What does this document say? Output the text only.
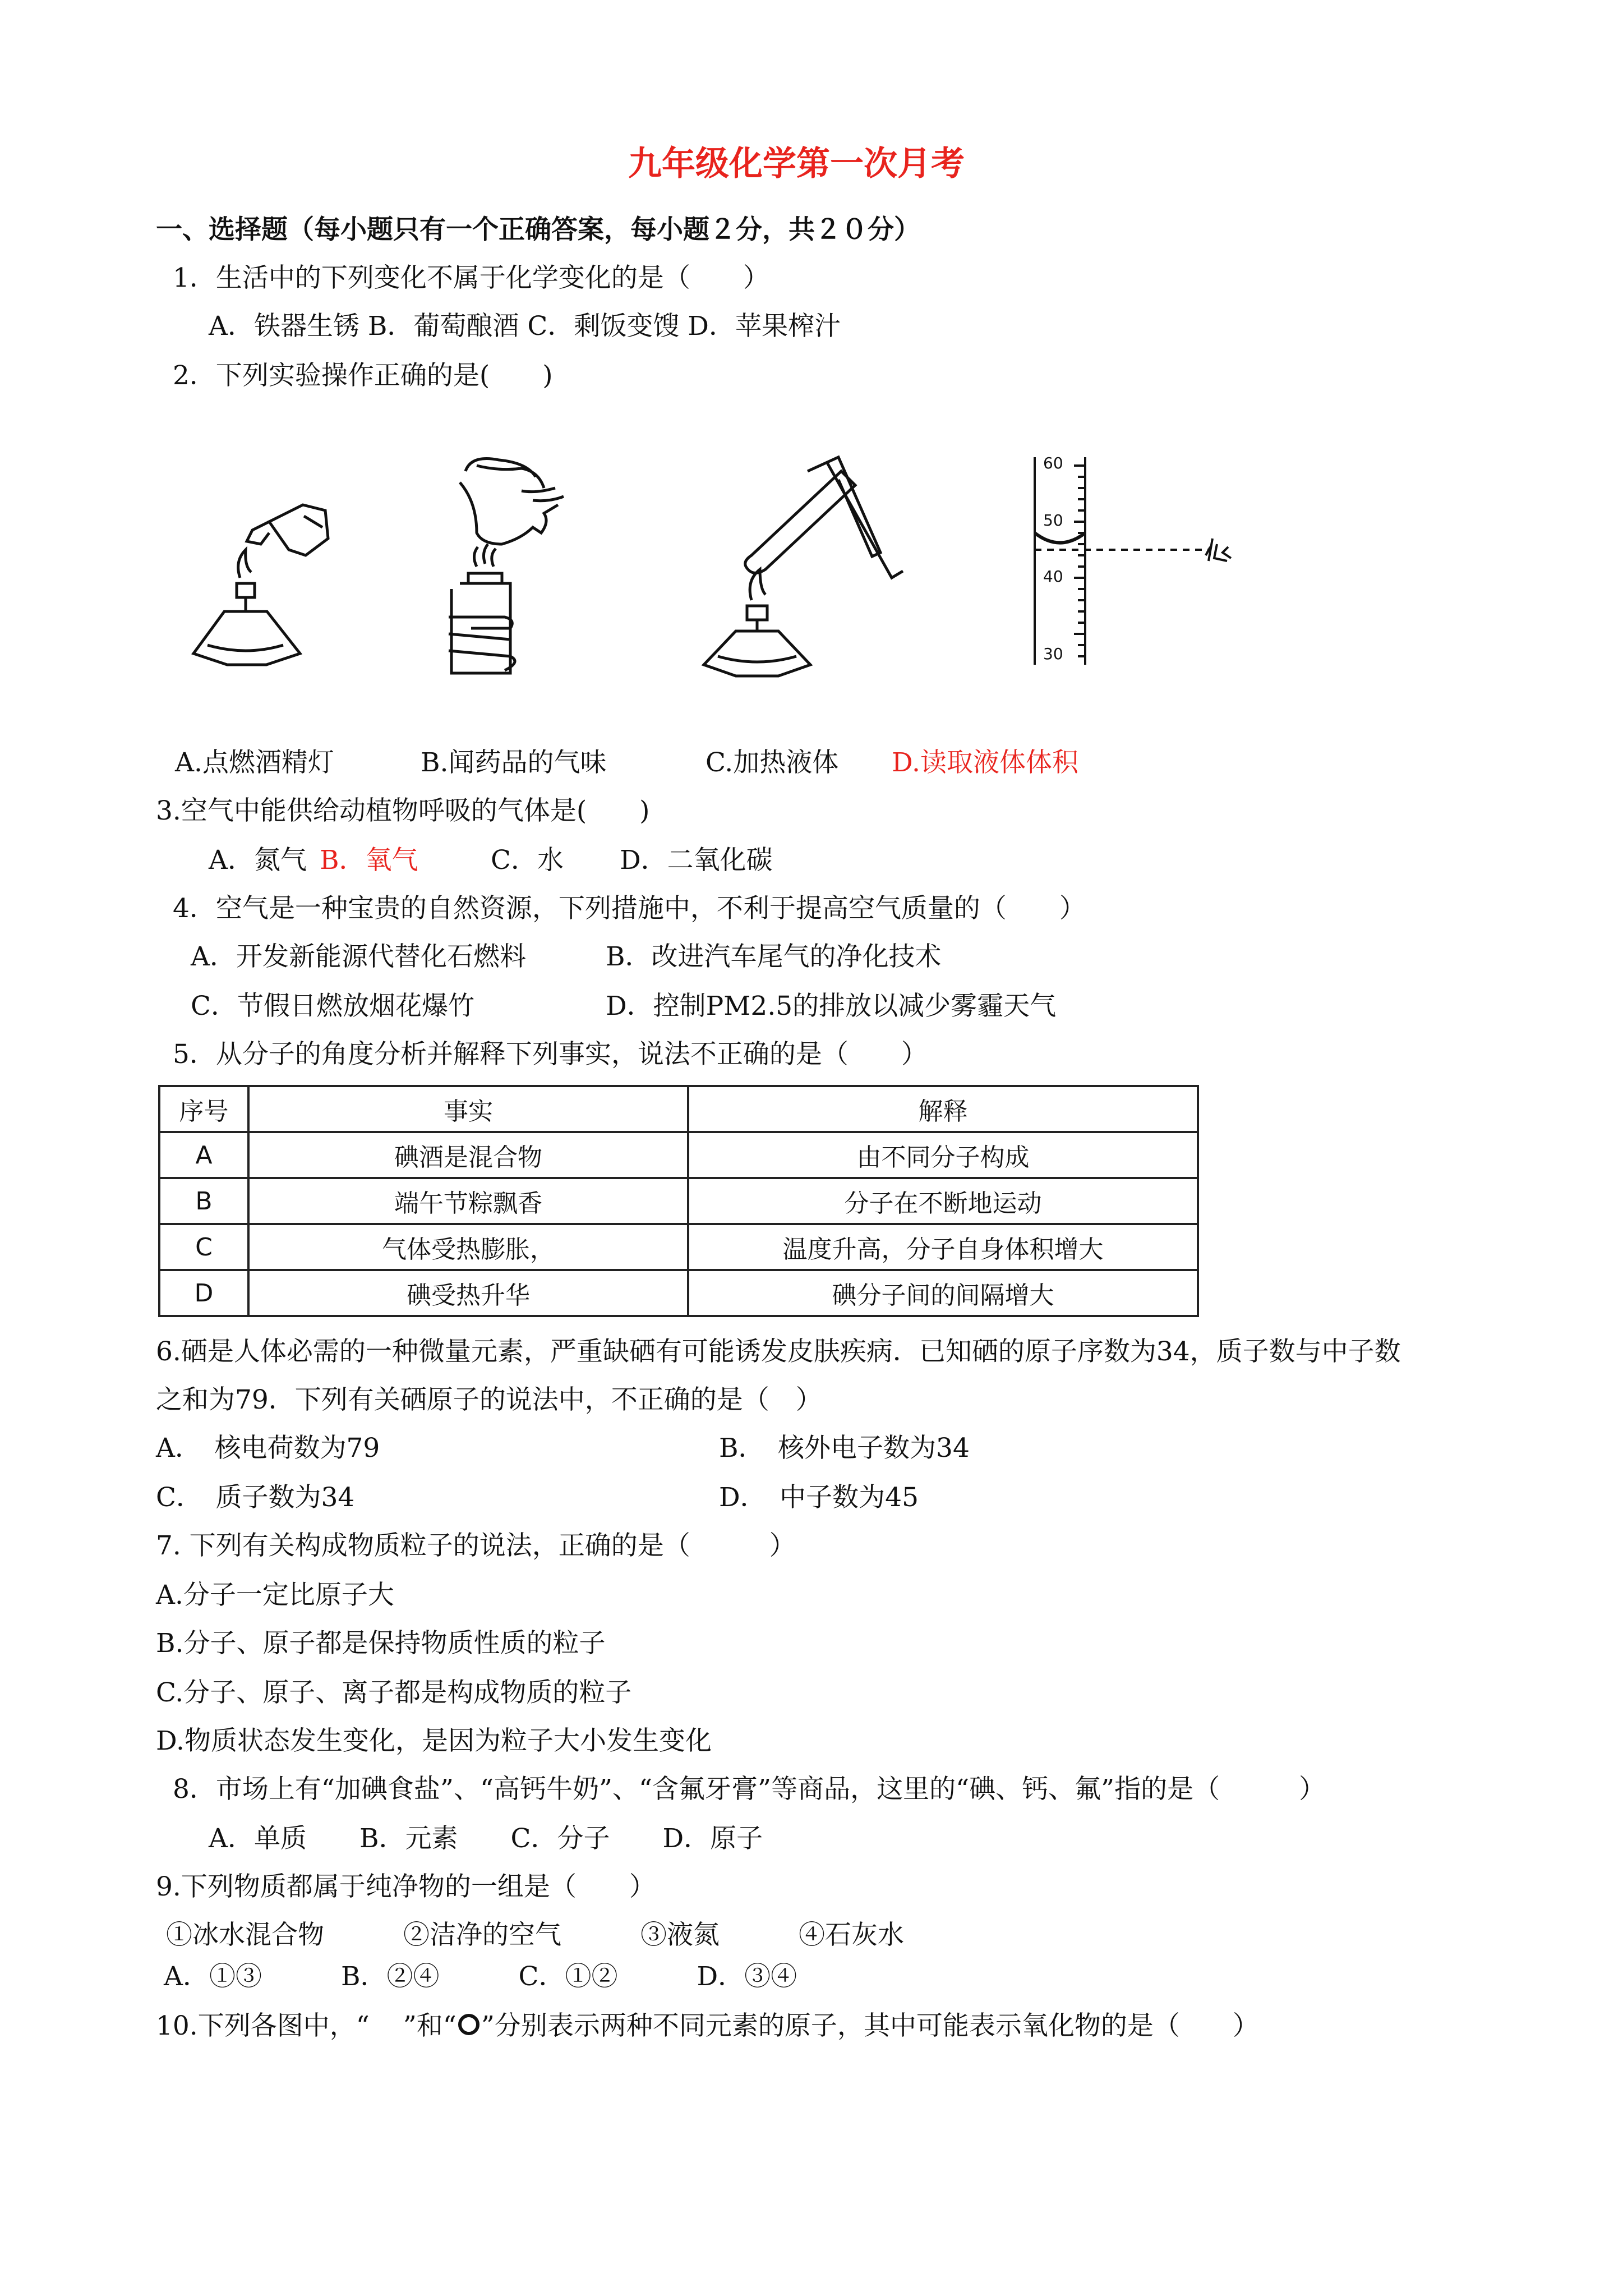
九年级化学第一次月考
一、选择题（每小题只有一个正确答案，每小题２分，共２０分）
1．生活中的下列变化不属于化学变化的是（　　）
A．铁器生锈 B．葡萄酿酒 C．剩饭变馊 D．苹果榨汁
2．下列实验操作正确的是(　　)
60
50
40
30
A.点燃酒精灯	B.闻药品的气味	C.加热液体 D.读取液体体积
3.空气中能供给动植物呼吸的气体是(　　)
A．氮气 B．氧气	C．水 D．二氧化碳
4．空气是一种宝贵的自然资源，下列措施中，不利于提高空气质量的（　　）
A．开发新能源代替化石燃料	B．改进汽车尾气的净化技术
C．节假日燃放烟花爆竹	D．控制PM2.5的排放以减少雾霾天气
5．从分子的角度分析并解释下列事实，说法不正确的是（　　）
序号	事实	解释
A	碘酒是混合物	由不同分子构成
B	端午节粽飘香	分子在不断地运动
C	气体受热膨胀，	温度升高，分子自身体积增大
D	碘受热升华	碘分子间的间隔增大
6.硒是人体必需的一种微量元素，严重缺硒有可能诱发皮肤疾病．已知硒的原子序数为34，质子数与中子数
之和为79．下列有关硒原子的说法中，不正确的是（　）
A．　核电荷数为79	B．　核外电子数为34
C．　质子数为34	D．　中子数为45
7. 下列有关构成物质粒子的说法，正确的是（　　　）
A.分子一定比原子大
B.分子、原子都是保持物质性质的粒子
C.分子、原子、离子都是构成物质的粒子
D.物质状态发生变化，是因为粒子大小发生变化
8．市场上有“加碘食盐”、“高钙牛奶”、“含氟牙膏”等商品，这里的“碘、钙、氟”指的是（　　　）
A．单质　　B．元素　　C．分子　　D．原子
9.下列物质都属于纯净物的一组是（　　）
①冰水混合物　　　②洁净的空气　　　③液氮　　　④石灰水
A．①③　　　B．②④　　　C．①②　　　D．③④
10.下列各图中，“ ”和“ ”分别表示两种不同元素的原子，其中可能表示氧化物的是（　　）
